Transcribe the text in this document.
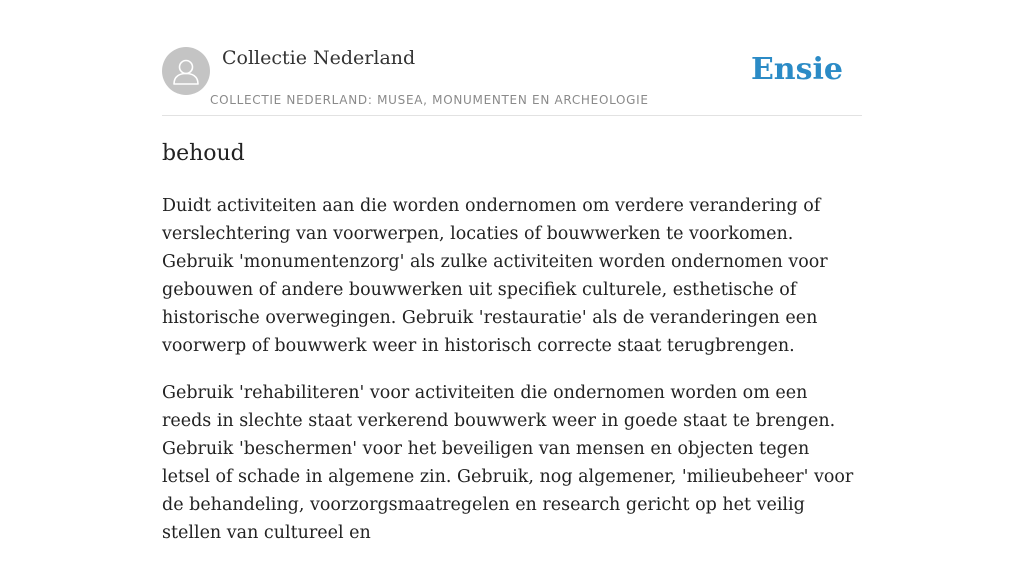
Collectie Nederland
COLLECTIE NEDERLAND: MUSEA, MONUMENTEN EN ARCHEOLOGIE
Ensie
behoud

Duidt activiteiten aan die worden ondernomen om verdere verandering of verslechtering van voorwerpen, locaties of bouwwerken te voorkomen. Gebruik 'monumentenzorg' als zulke activiteiten worden ondernomen voor gebouwen of andere bouwwerken uit specifiek culturele, esthetische of historische overwegingen. Gebruik 'restauratie' als de veranderingen een voorwerp of bouwwerk weer in historisch correcte staat terugbrengen.

Gebruik 'rehabiliteren' voor activiteiten die ondernomen worden om een reeds in slechte staat verkerend bouwwerk weer in goede staat te brengen. Gebruik 'beschermen' voor het beveiligen van mensen en objecten tegen letsel of schade in algemene zin. Gebruik, nog algemener, 'milieubeheer' voor de behandeling, voorzorgsmaatregelen en research gericht op het veilig stellen van cultureel en
